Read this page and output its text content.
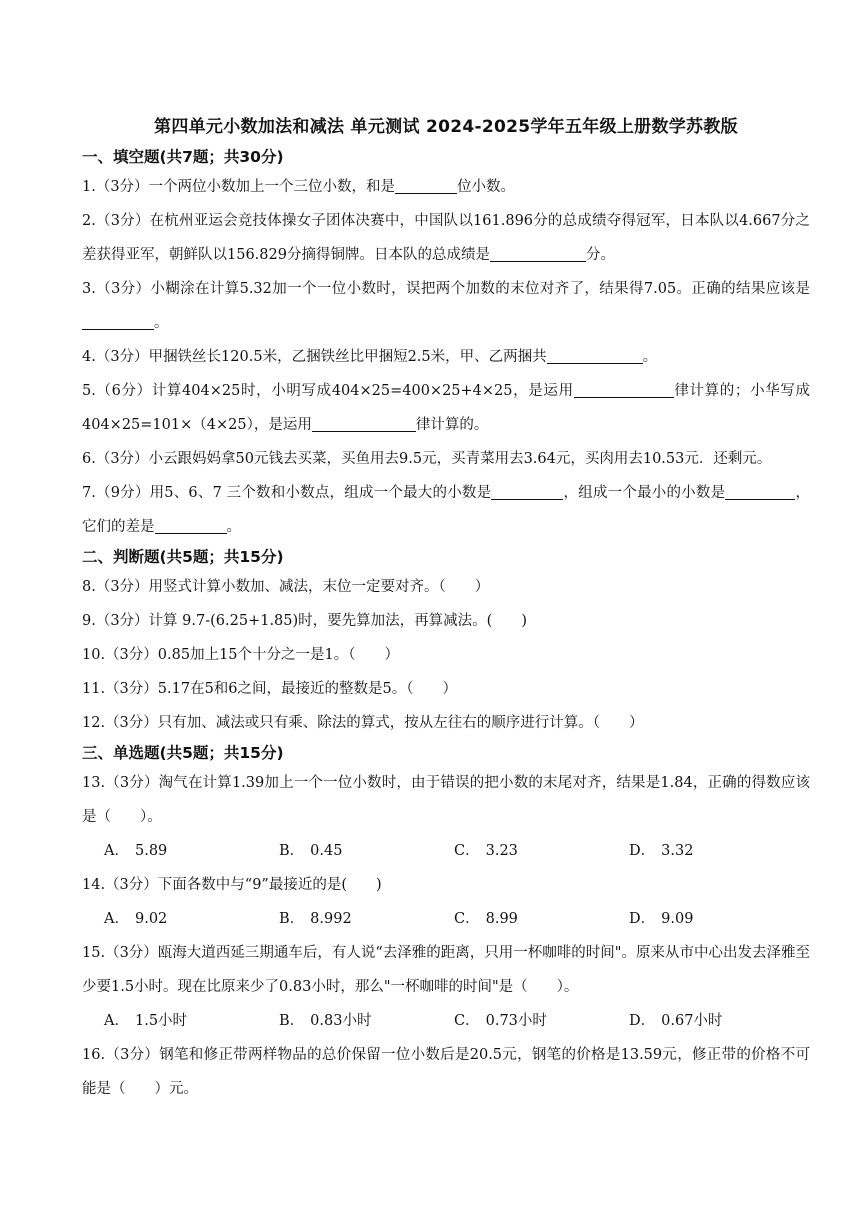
第四单元小数加法和减法 单元测试 2024-2025学年五年级上册数学苏教版
一、填空题(共7题；共30分)
1.（3分）一个两位小数加上一个三位小数，和是	位小数。
2.（3分）在杭州亚运会竞技体操女子团体决赛中，中国队以161.896分的总成绩夺得冠军，日本队以4.667分之差获得亚军，朝鲜队以156.829分摘得铜牌。日本队的总成绩是	分。
3.（3分）小糊涂在计算5.32加一个一位小数时，误把两个加数的末位对齐了，结果得7.05。正确的结果应该是。
4.（3分）甲捆铁丝长120.5米，乙捆铁丝比甲捆短2.5米，甲、乙两捆共	。
5.（6分）计算404×25时，小明写成404×25=400×25+4×25，是运用	律计算的；小华写成404×25=101×（4×25），是运用	律计算的。
6.（3分）小云跟妈妈拿50元钱去买菜，买鱼用去9.5元，买青菜用去3.64元，买肉用去10.53元．还剩元。
7.（9分）用5、6、7 三个数和小数点，组成一个最大的小数是	，组成一个最小的小数是	，它们的差是	。
二、判断题(共5题；共15分)
8.（3分）用竖式计算小数加、减法，末位一定要对齐。（　　）
9.（3分）计算 9.7-(6.25+1.85)时，要先算加法，再算减法。(　　)
10.（3分）0.85加上15个十分之一是1。（　　）
11.（3分）5.17在5和6之间，最接近的整数是5。（　　）
12.（3分）只有加、减法或只有乘、除法的算式，按从左往右的顺序进行计算。（　　）
三、单选题(共5题；共15分)
13.（3分）淘气在计算1.39加上一个一位小数时，由于错误的把小数的末尾对齐，结果是1.84，正确的得数应该是（　　）。
A． 5.89	B． 0.45	C． 3.23	D． 3.32
14.（3分）下面各数中与“9”最接近的是(　　)
A． 9.02	B． 8.992	C． 8.99	D． 9.09
15.（3分）瓯海大道西延三期通车后，有人说“去泽雅的距离，只用一杯咖啡的时间"。原来从市中心出发去泽雅至少要1.5小时。现在比原来少了0.83小时，那么"一杯咖啡的时间"是（　　）。
A． 1.5小时	B． 0.83小时	C． 0.73小时	D． 0.67小时
16.（3分）钢笔和修正带两样物品的总价保留一位小数后是20.5元，钢笔的价格是13.59元，修正带的价格不可能是（　　）元。
